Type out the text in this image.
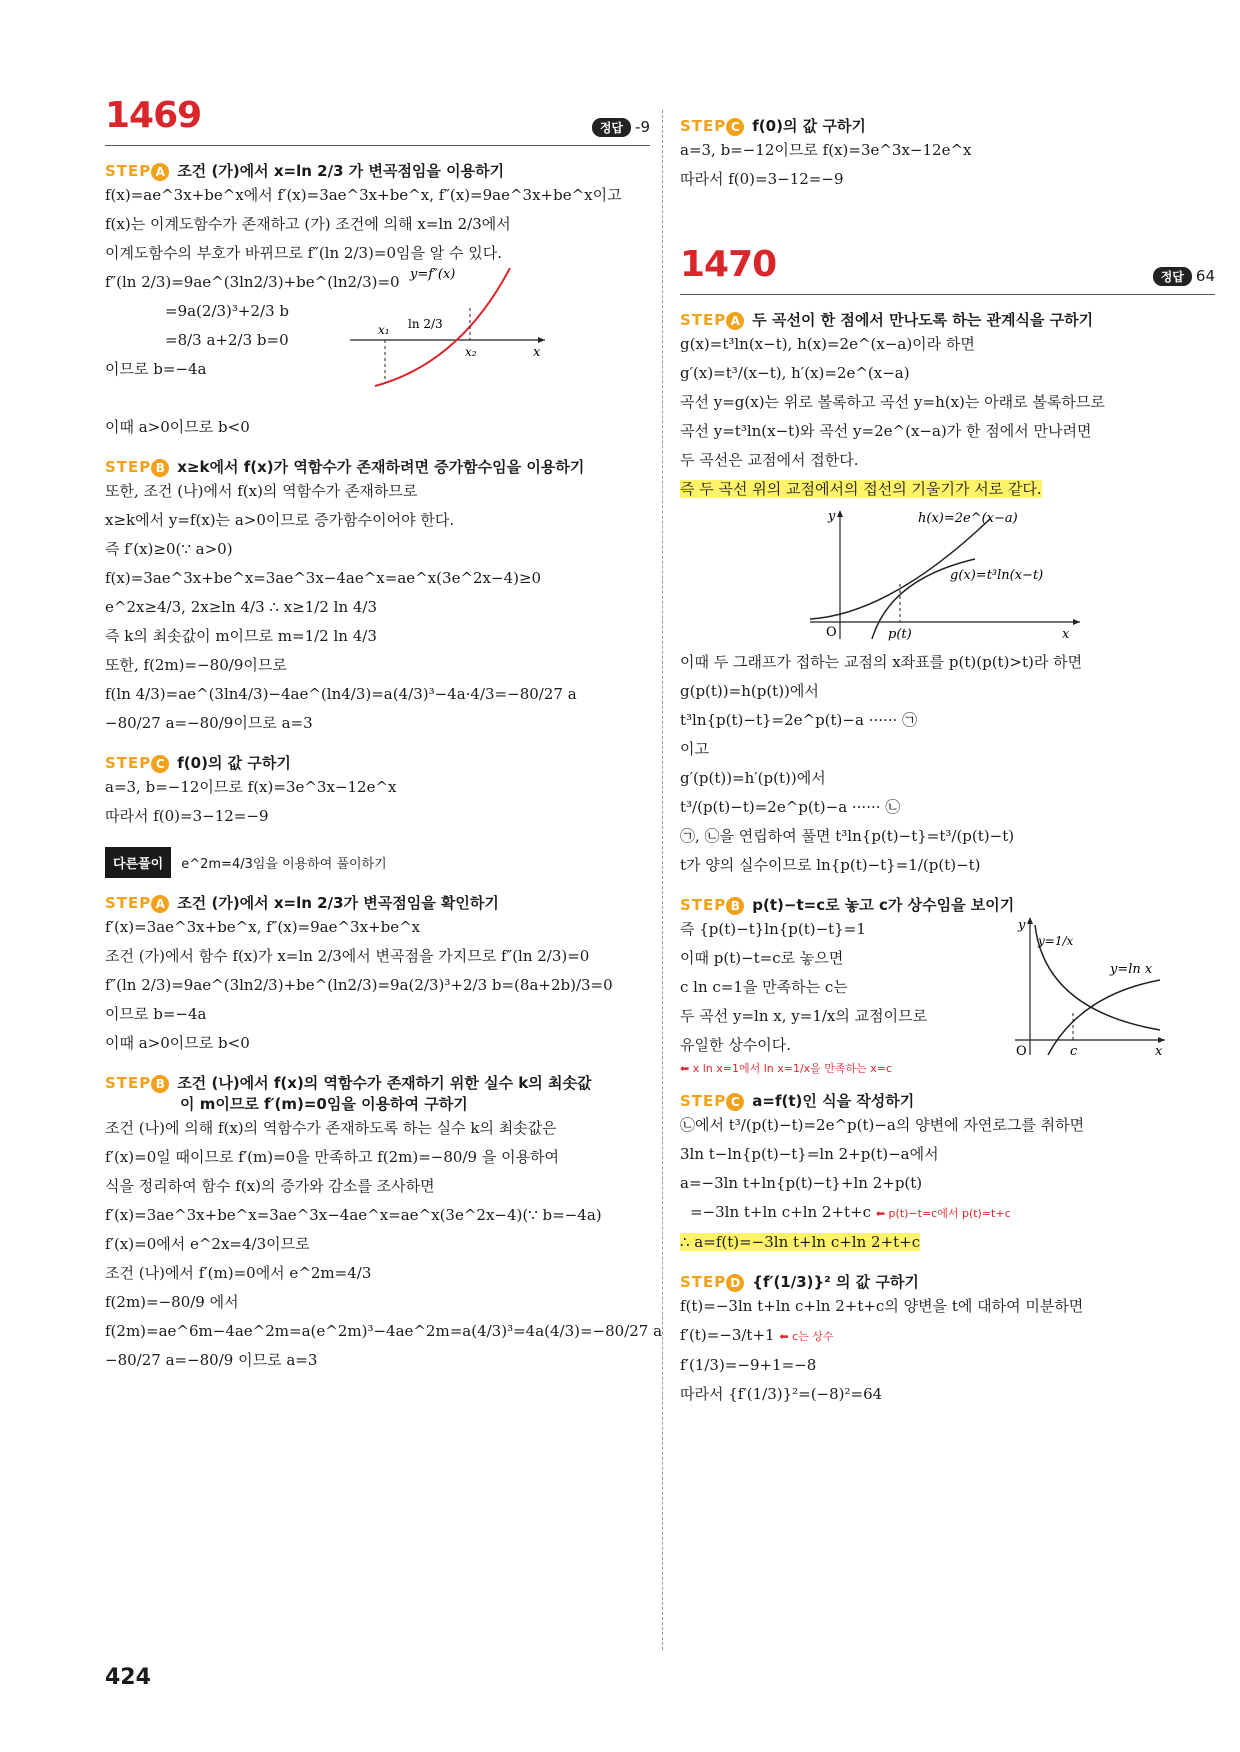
1469	정답 -9
STEP A 조건 (가)에서 x=ln 2/3 가 변곡점임을 이용하기
f(x)=ae^3x+be^x에서 f′(x)=3ae^3x+be^x, f″(x)=9ae^3x+be^x이고
f(x)는 이계도함수가 존재하고 (가) 조건에 의해 x=ln 2/3에서
이계도함수의 부호가 바뀌므로 f″(ln 2/3)=0임을 알 수 있다.
f″(ln 2/3)=9ae^(3ln2/3)+be^(ln2/3)=0
=9a(2/3)³+2/3 b
=8/3 a+2/3 b=0
이므로 b=−4a
y=f″(x)
x₁ ln 2/3
x₂	x
이때 a>0이므로 b<0
STEP B x≥k에서 f(x)가 역함수가 존재하려면 증가함수임을 이용하기
또한, 조건 (나)에서 f(x)의 역함수가 존재하므로
x≥k에서 y=f(x)는 a>0이므로 증가함수이어야 한다.
즉 f′(x)≥0(∵ a>0)
f(x)=3ae^3x+be^x=3ae^3x−4ae^x=ae^x(3e^2x−4)≥0
e^2x≥4/3, 2x≥ln 4/3 ∴ x≥1/2 ln 4/3
즉 k의 최솟값이 m이므로 m=1/2 ln 4/3
또한, f(2m)=−80/9이므로
f(ln 4/3)=ae^(3ln4/3)−4ae^(ln4/3)=a(4/3)³−4a·4/3=−80/27 a
−80/27 a=−80/9이므로 a=3
STEP C f(0)의 값 구하기
a=3, b=−12이므로 f(x)=3e^3x−12e^x
따라서 f(0)=3−12=−9
다른풀이	e^2m=4/3임을 이용하여 풀이하기
STEP A 조건 (가)에서 x=ln 2/3가 변곡점임을 확인하기
f′(x)=3ae^3x+be^x, f″(x)=9ae^3x+be^x
조건 (가)에서 함수 f(x)가 x=ln 2/3에서 변곡점을 가지므로 f″(ln 2/3)=0
f″(ln 2/3)=9ae^(3ln2/3)+be^(ln2/3)=9a(2/3)³+2/3 b=(8a+2b)/3=0
이므로 b=−4a
이때 a>0이므로 b<0
STEP B 조건 (나)에서 f(x)의 역함수가 존재하기 위한 실수 k의 최솟값
이 m이므로 f′(m)=0임을 이용하여 구하기
조건 (나)에 의해 f(x)의 역함수가 존재하도록 하는 실수 k의 최솟값은
f′(x)=0일 때이므로 f′(m)=0을 만족하고 f(2m)=−80/9 을 이용하여
식을 정리하여 함수 f(x)의 증가와 감소를 조사하면
f′(x)=3ae^3x+be^x=3ae^3x−4ae^x=ae^x(3e^2x−4)(∵ b=−4a)
f′(x)=0에서 e^2x=4/3이므로
조건 (나)에서 f′(m)=0에서 e^2m=4/3
f(2m)=−80/9 에서
f(2m)=ae^6m−4ae^2m=a(e^2m)³−4ae^2m=a(4/3)³=4a(4/3)=−80/27 a
−80/27 a=−80/9 이므로 a=3
STEP C f(0)의 값 구하기
a=3, b=−12이므로 f(x)=3e^3x−12e^x
따라서 f(0)=3−12=−9
1470	정답 64
STEP A 두 곡선이 한 점에서 만나도록 하는 관계식을 구하기
g(x)=t³ln(x−t), h(x)=2e^(x−a)이라 하면
g′(x)=t³/(x−t), h′(x)=2e^(x−a)
곡선 y=g(x)는 위로 볼록하고 곡선 y=h(x)는 아래로 볼록하므로
곡선 y=t³ln(x−t)와 곡선 y=2e^(x−a)가 한 점에서 만나려면
두 곡선은 교점에서 접한다.
즉 두 곡선 위의 교점에서의 접선의 기울기가 서로 같다.
y	h(x)=2e^(x−a)
g(x)=t³ln(x−t)
O	p(t)	x
이때 두 그래프가 접하는 교점의 x좌표를 p(t)(p(t)>t)라 하면
g(p(t))=h(p(t))에서
t³ln{p(t)−t}=2e^p(t)−a ······ ㉠
이고
g′(p(t))=h′(p(t))에서
t³/(p(t)−t)=2e^p(t)−a ······ ㉡
㉠, ㉡을 연립하여 풀면 t³ln{p(t)−t}=t³/(p(t)−t)
t가 양의 실수이므로 ln{p(t)−t}=1/(p(t)−t)
STEP B p(t)−t=c로 놓고 c가 상수임을 보이기
즉 {p(t)−t}ln{p(t)−t}=1
이때 p(t)−t=c로 놓으면
c ln c=1을 만족하는 c는
두 곡선 y=ln x, y=1/x의 교점이므로
유일한 상수이다.
⬅ x ln x=1에서 ln x=1/x을 만족하는 x=c
y
y=1/x
y=ln x
O	c	x
STEP C a=f(t)인 식을 작성하기
㉡에서 t³/(p(t)−t)=2e^p(t)−a의 양변에 자연로그를 취하면
3ln t−ln{p(t)−t}=ln 2+p(t)−a에서
a=−3ln t+ln{p(t)−t}+ln 2+p(t)
=−3ln t+ln c+ln 2+t+c ⬅ p(t)−t=c에서 p(t)=t+c
∴ a=f(t)=−3ln t+ln c+ln 2+t+c
STEP D {f′(1/3)}² 의 값 구하기
f(t)=−3ln t+ln c+ln 2+t+c의 양변을 t에 대하여 미분하면
f′(t)=−3/t+1 ⬅ c는 상수
f′(1/3)=−9+1=−8
따라서 {f′(1/3)}²=(−8)²=64
424
